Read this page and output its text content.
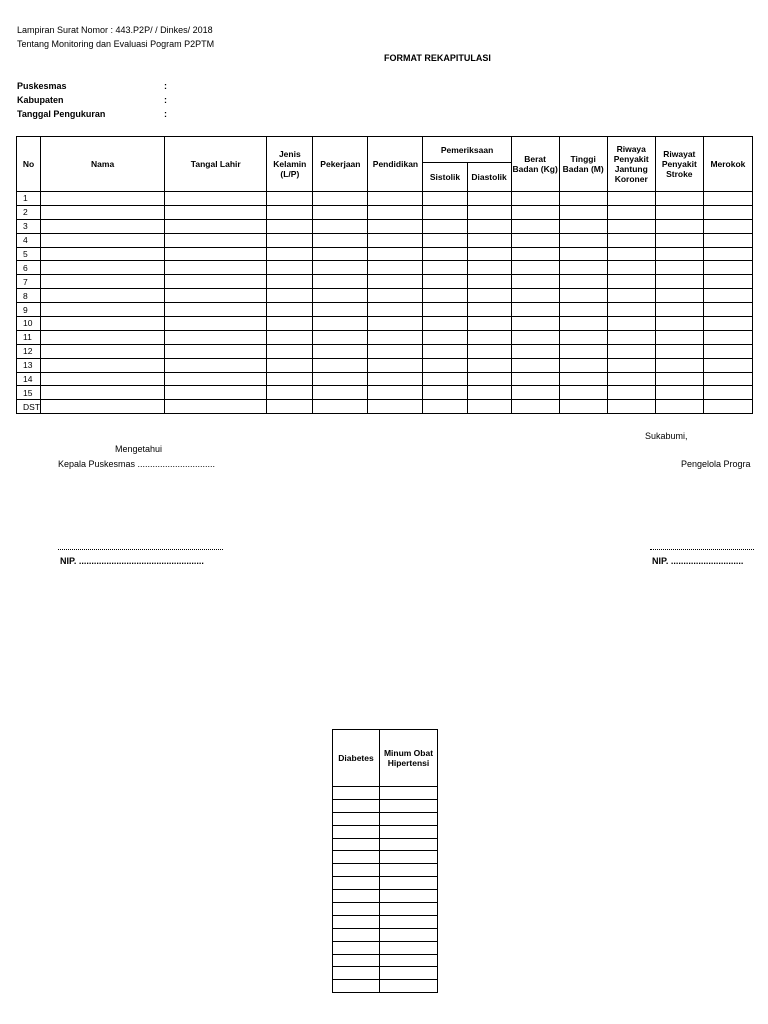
Lampiran Surat Nomor : 443.P2P/ / Dinkes/ 2018
Tentang Monitoring dan Evaluasi Pogram P2PTM
FORMAT REKAPITULASI
Puskesmas	:
Kabupaten	:
Tanggal Pengukuran	:
No	Nama	Tangal Lahir	Jenis Kelamin (L/P)	Pekerjaan	Pendidikan	Pemeriksaan		Berat Badan (Kg)	Tinggi Badan (M)	Riwaya Penyakit Jantung Koroner	Riwayat Penyakit Stroke	Merokok
						Sistolik	Diastolik					
1												
2												
3												
4												
5												
6												
7												
8												
9												
10												
11												
12												
13												
14												
15												
DST												
Sukabumi,
Mengetahui
Kepala Puskesmas ...............................	Pengelola Progra
NIP. ..................................................	NIP. .............................
Diabetes	Minum Obat Hipertensi
